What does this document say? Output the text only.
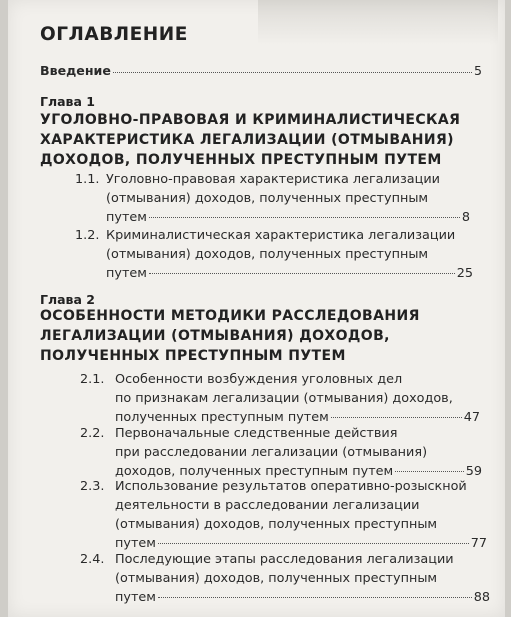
ОГЛАВЛЕНИЕ
Введение	5
Глава 1
УГОЛОВНО-ПРАВОВАЯ И КРИМИНАЛИСТИЧЕСКАЯ
ХАРАКТЕРИСТИКА ЛЕГАЛИЗАЦИИ (ОТМЫВАНИЯ)
ДОХОДОВ, ПОЛУЧЕННЫХ ПРЕСТУПНЫМ ПУТЕМ
1.1. Уголовно-правовая характеристика легализации
(отмывания) доходов, полученных преступным
путем	8
1.2. Криминалистическая характеристика легализации
(отмывания) доходов, полученных преступным
путем	25
Глава 2
ОСОБЕННОСТИ МЕТОДИКИ РАССЛЕДОВАНИЯ
ЛЕГАЛИЗАЦИИ (ОТМЫВАНИЯ) ДОХОДОВ,
ПОЛУЧЕННЫХ ПРЕСТУПНЫМ ПУТЕМ
2.1. Особенности возбуждения уголовных дел
по признакам легализации (отмывания) доходов,
полученных преступным путем	47
2.2. Первоначальные следственные действия
при расследовании легализации (отмывания)
доходов, полученных преступным путем	59
2.3. Использование результатов оперативно-розыскной
деятельности в расследовании легализации
(отмывания) доходов, полученных преступным
путем	77
2.4. Последующие этапы расследования легализации
(отмывания) доходов, полученных преступным
путем	88
